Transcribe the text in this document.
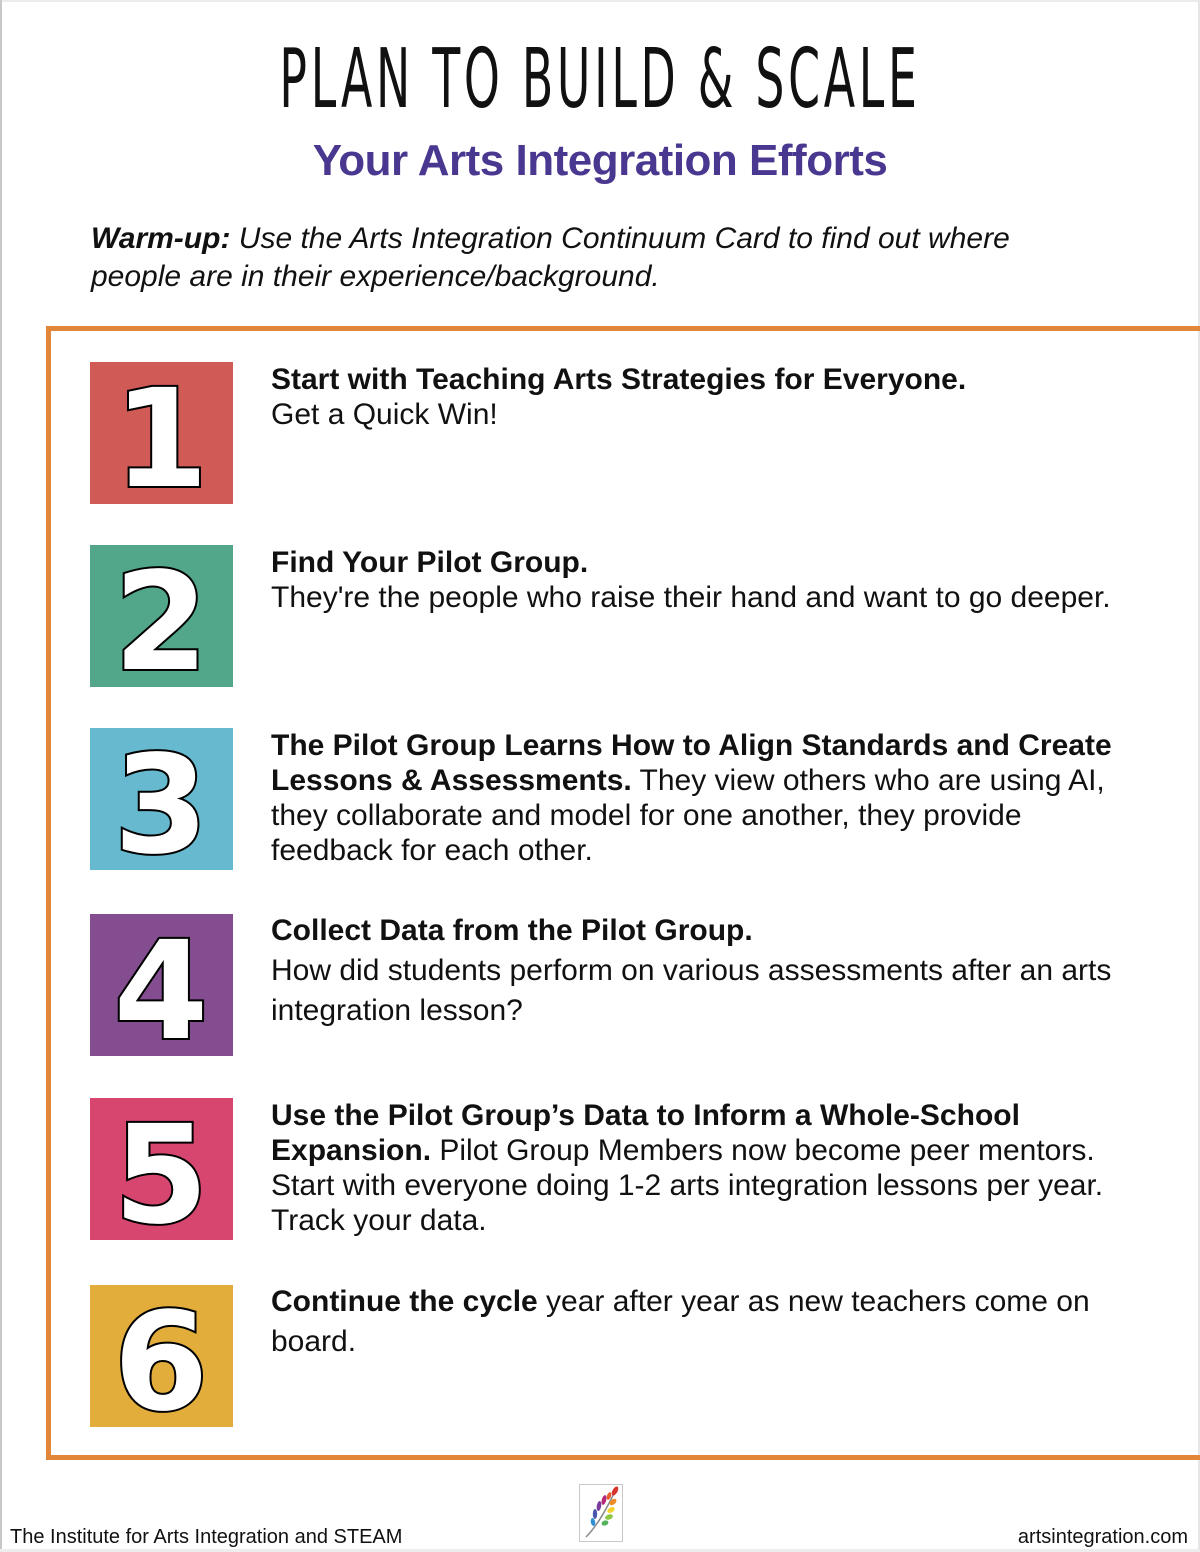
PLAN TO BUILD & SCALE
Your Arts Integration Efforts
Warm-up: Use the Arts Integration Continuum Card to find out where people are in their experience/background.
1 Start with Teaching Arts Strategies for Everyone.
Get a Quick Win!
2 Find Your Pilot Group.
They're the people who raise their hand and want to go deeper.
3 The Pilot Group Learns How to Align Standards and Create Lessons & Assessments. They view others who are using AI, they collaborate and model for one another, they provide feedback for each other.
4 Collect Data from the Pilot Group.
How did students perform on various assessments after an arts integration lesson?
5 Use the Pilot Group’s Data to Inform a Whole-School Expansion. Pilot Group Members now become peer mentors. Start with everyone doing 1-2 arts integration lessons per year. Track your data.
6 Continue the cycle year after year as new teachers come on board.
The Institute for Arts Integration and STEAM	artsintegration.com
